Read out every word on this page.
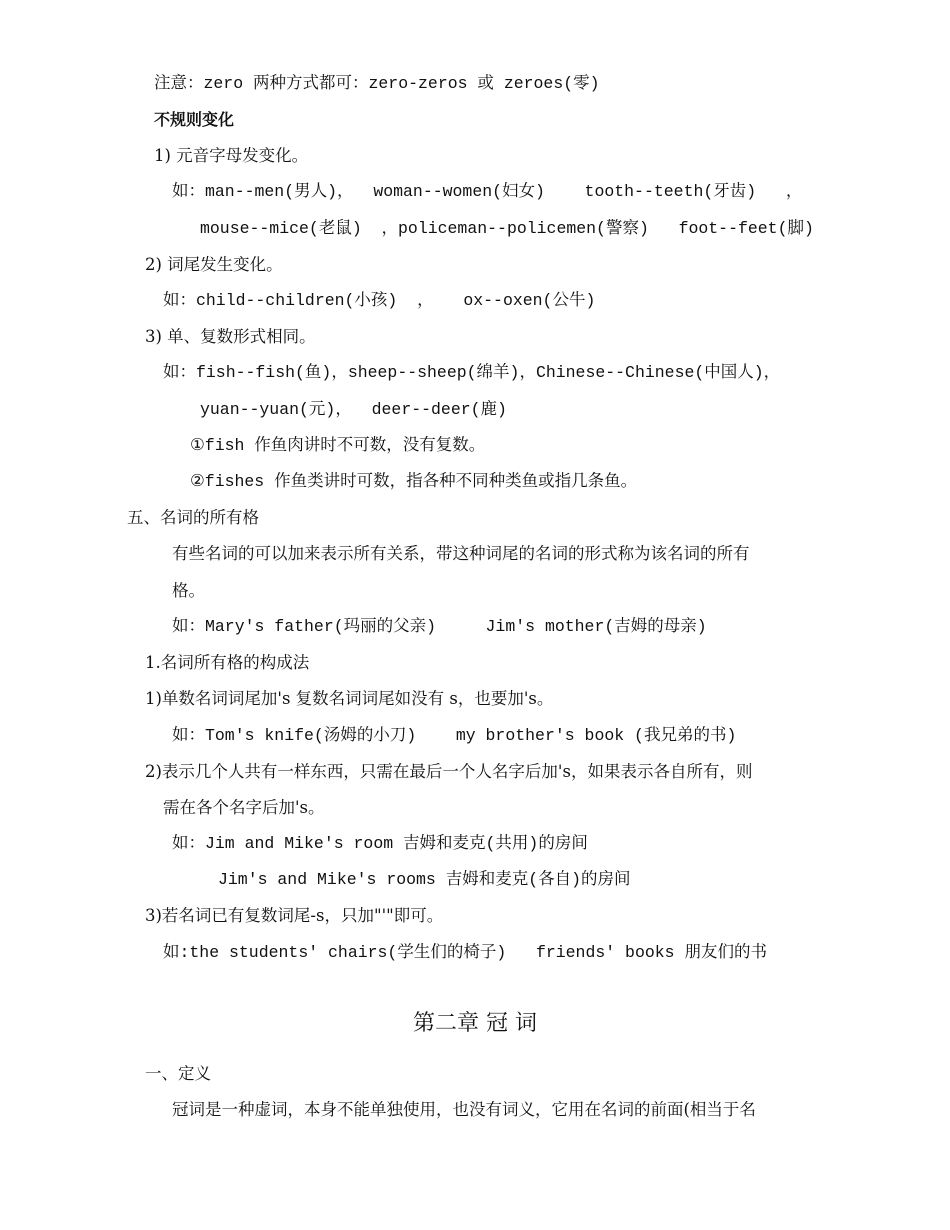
注意：zero 两种方式都可：zero-zeros 或 zeroes(零)
不规则变化
1) 元音字母发变化。
如：man--men(男人)，  woman--women(妇女)    tooth--teeth(牙齿)   ，
mouse--mice(老鼠)  ，policeman--policemen(警察)   foot--feet(脚)
2) 词尾发生变化。
如：child--children(小孩)  ，   ox--oxen(公牛)
3) 单、复数形式相同。
如：fish--fish(鱼)，sheep--sheep(绵羊)，Chinese--Chinese(中国人)，
yuan--yuan(元)，  deer--deer(鹿)
①fish 作鱼肉讲时不可数，没有复数。
②fishes 作鱼类讲时可数，指各种不同种类鱼或指几条鱼。
五、名词的所有格
有些名词的可以加来表示所有关系，带这种词尾的名词的形式称为该名词的所有
格。
如：Mary's father(玛丽的父亲)     Jim's mother(吉姆的母亲)
1.名词所有格的构成法
1)单数名词词尾加's 复数名词词尾如没有 s，也要加's。
如：Tom's knife(汤姆的小刀)    my brother's book (我兄弟的书)
2)表示几个人共有一样东西，只需在最后一个人名字后加's，如果表示各自所有，则
需在各个名字后加's。
如：Jim and Mike's room 吉姆和麦克(共用)的房间
Jim's and Mike's rooms 吉姆和麦克(各自)的房间
3)若名词已有复数词尾-s，只加"'"即可。
如:the students' chairs(学生们的椅子)   friends' books 朋友们的书
第二章 冠 词
一、定义
冠词是一种虚词，本身不能单独使用，也没有词义，它用在名词的前面(相当于名
